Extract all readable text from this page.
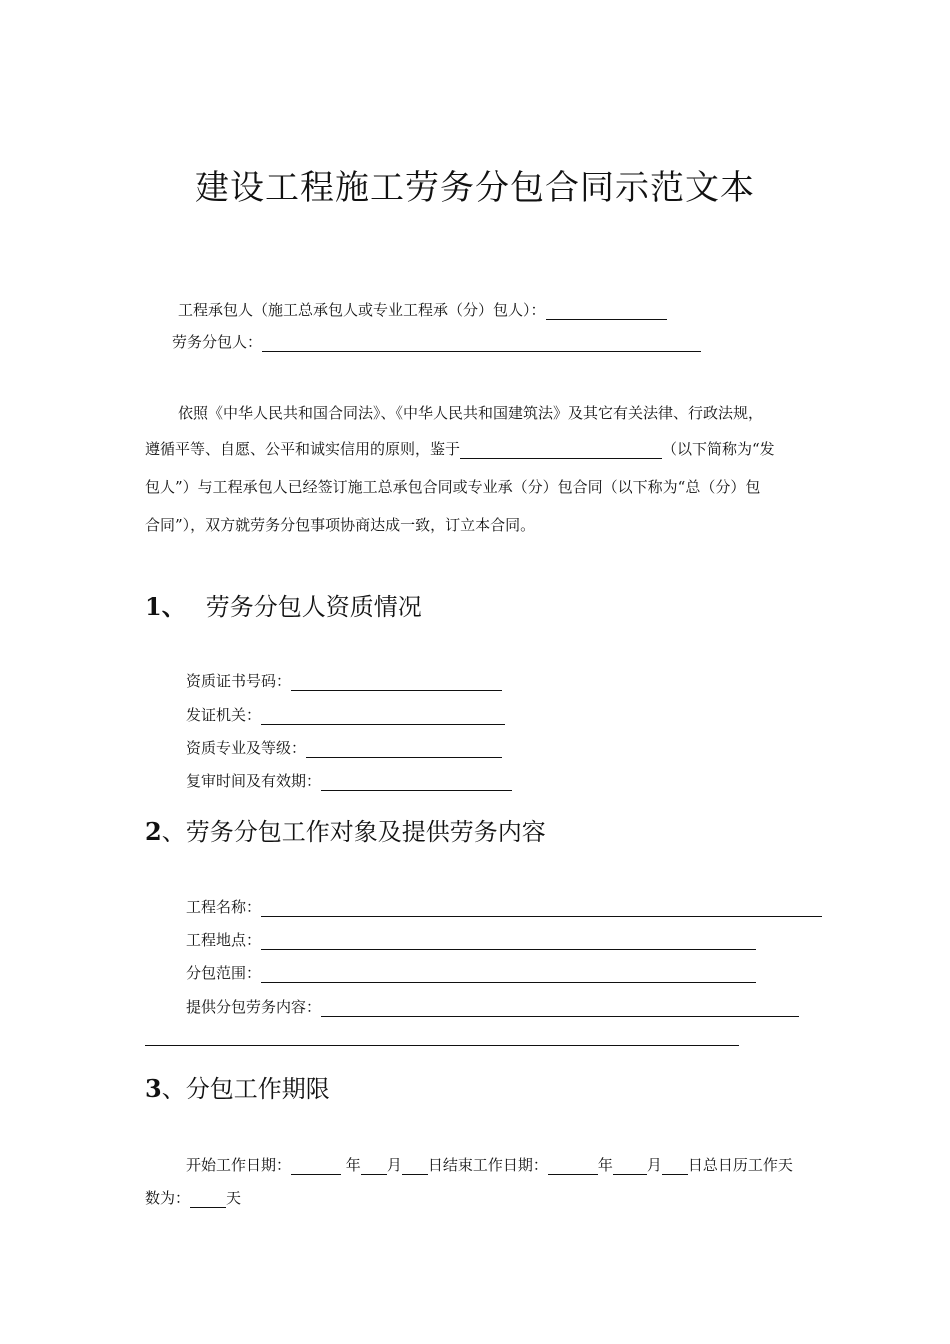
建设工程施工劳务分包合同示范文本
工程承包人（施工总承包人或专业工程承（分）包人）：
劳务分包人：
依照《中华人民共和国合同法》、《中华人民共和国建筑法》及其它有关法律、行政法规，
遵循平等、自愿、公平和诚实信用的原则，鉴于	（以下简称为“发
包人”）与工程承包人已经签订施工总承包合同或专业承（分）包合同（以下称为“总（分）包
合同”），双方就劳务分包事项协商达成一致，订立本合同。
1、 劳务分包人资质情况
资质证书号码：
发证机关：
资质专业及等级：
复审时间及有效期：
2、劳务分包工作对象及提供劳务内容
工程名称：
工程地点：
分包范围：
提供分包劳务内容：
3、分包工作期限
开始工作日期：	年 月 日结束工作日期：	年 月 日总日历工作天
数为： 天
